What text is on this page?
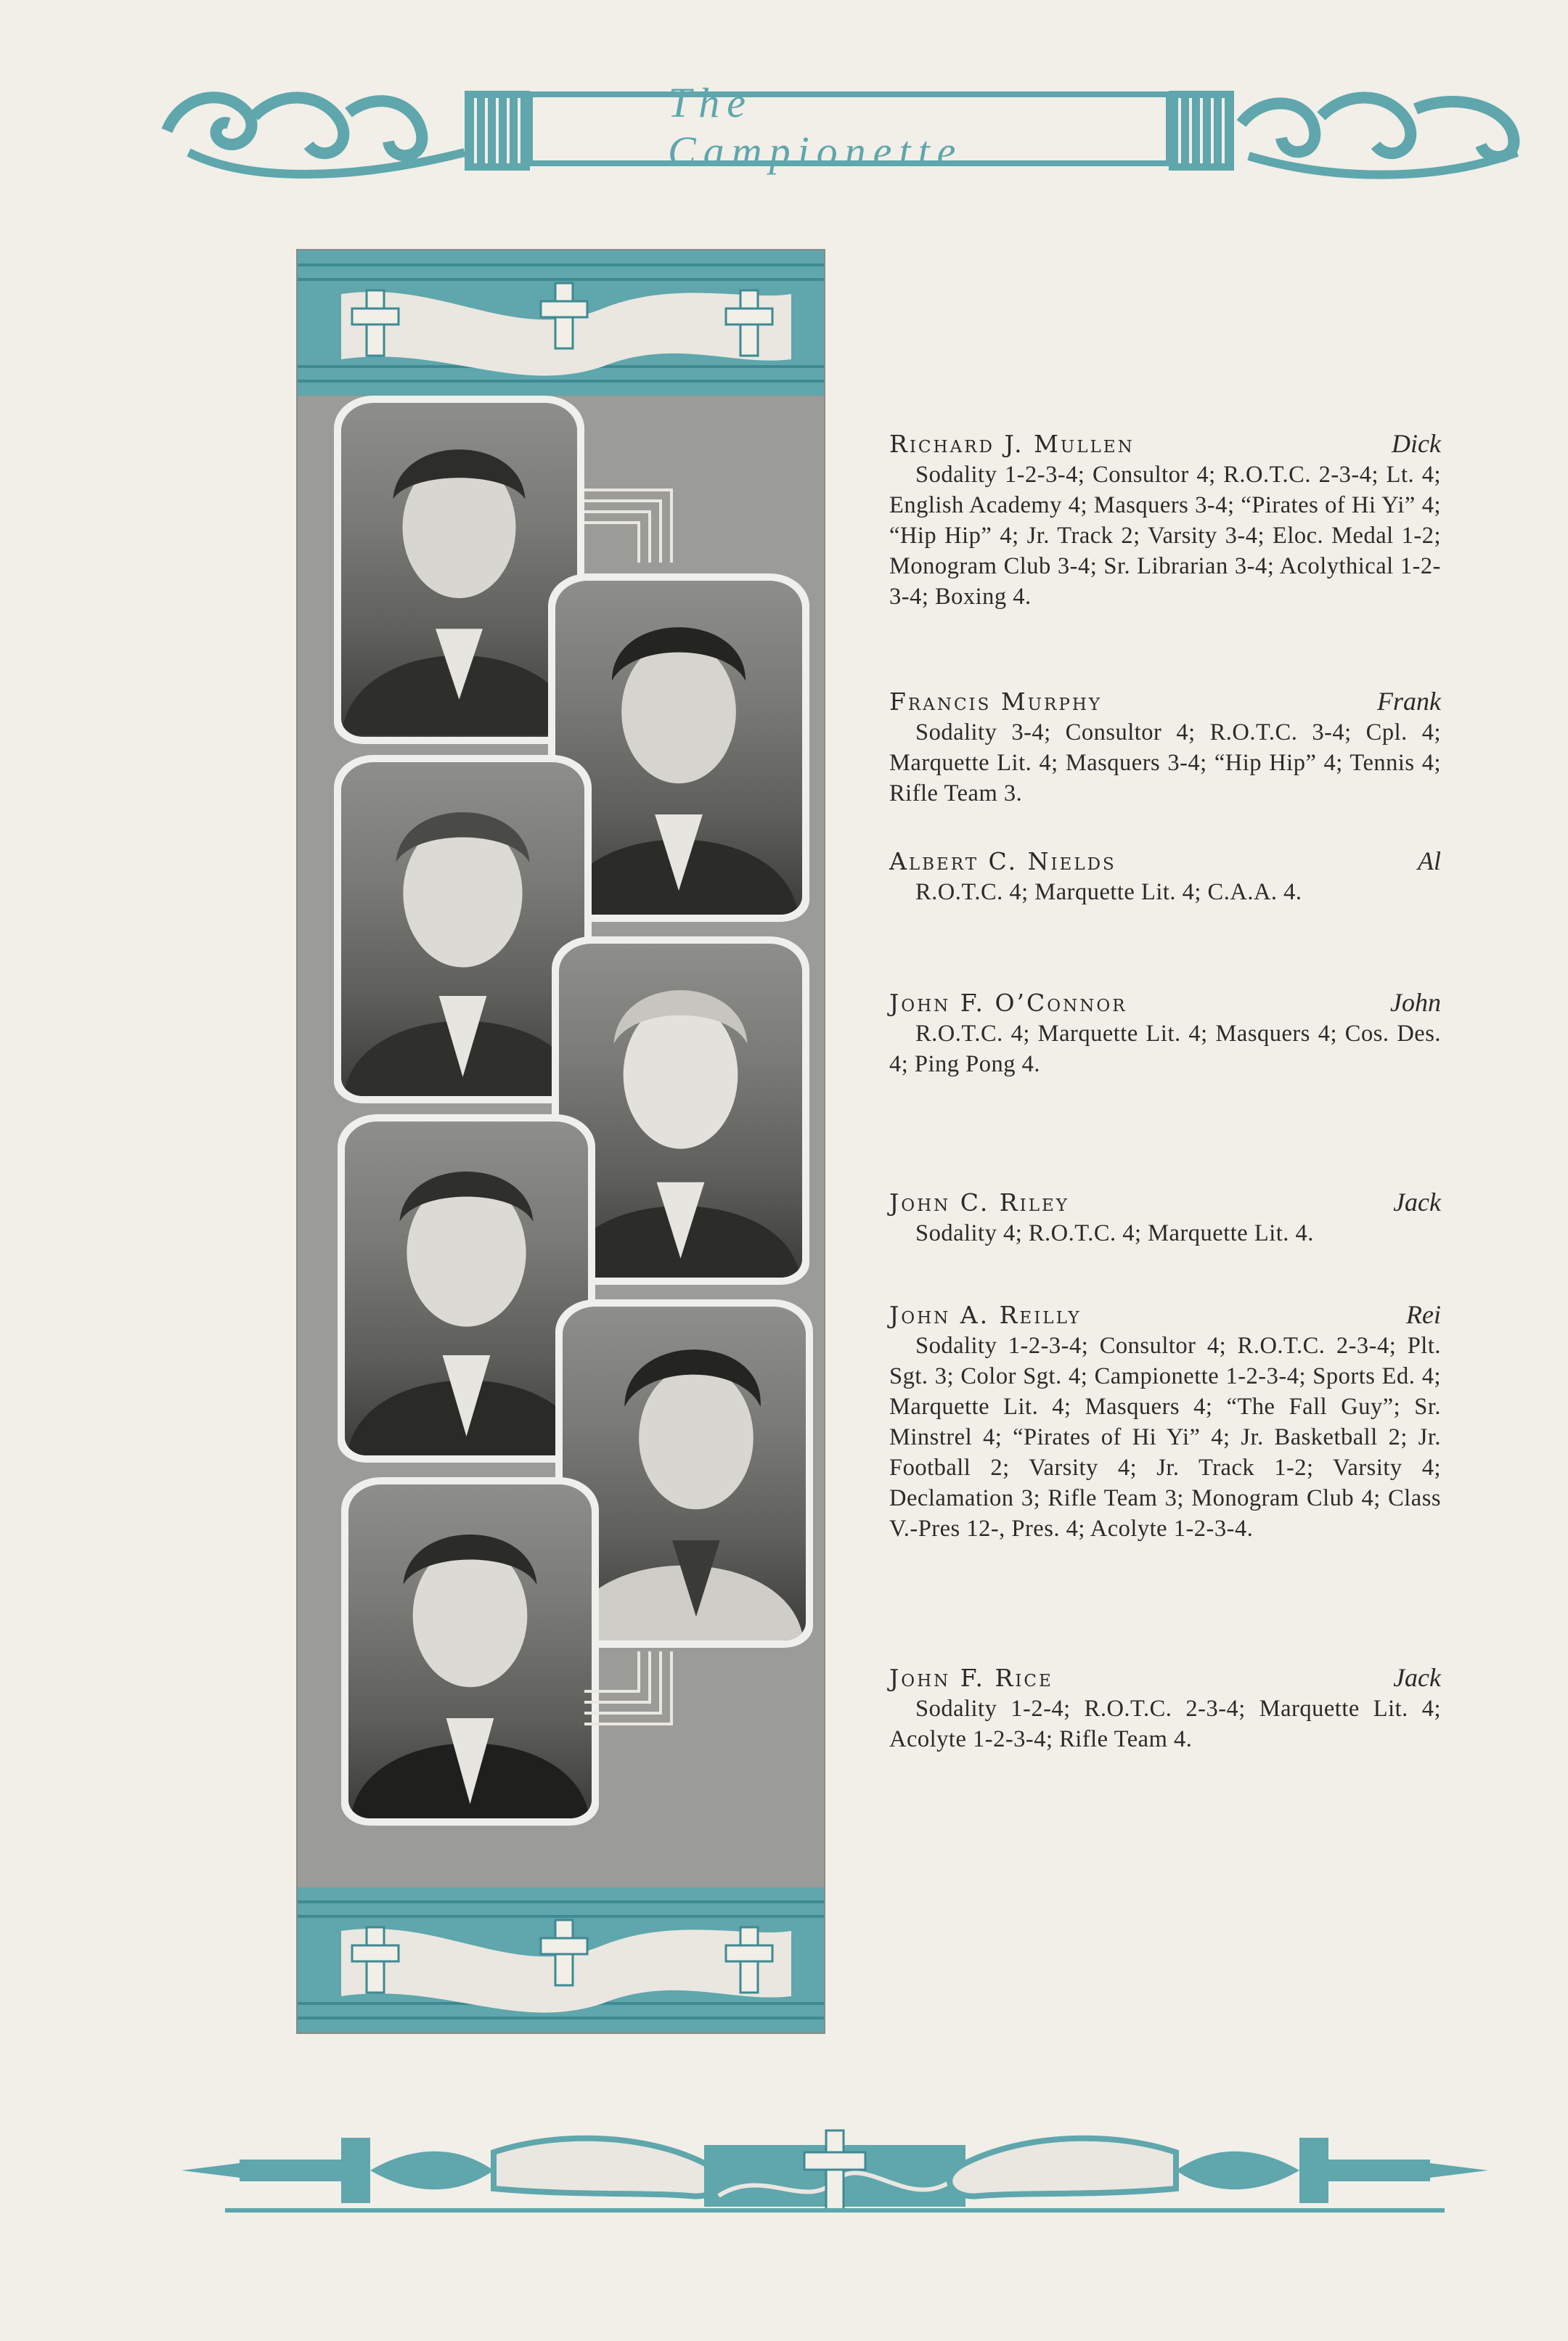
The Campionette
Richard J. Mullen	Dick
Sodality 1-2-3-4; Consultor 4; R.O.T.C. 2-3-4; Lt. 4; English Academy 4; Masquers 3-4; “Pirates of Hi Yi” 4; “Hip Hip” 4; Jr. Track 2; Varsity 3-4; Eloc. Medal 1-2; Monogram Club 3-4; Sr. Librarian 3-4; Acolythical 1-2-3-4; Boxing 4.
Francis Murphy	Frank
Sodality 3-4; Consultor 4; R.O.T.C. 3-4; Cpl. 4; Marquette Lit. 4; Masquers 3-4; “Hip Hip” 4; Tennis 4; Rifle Team 3.
Albert C. Nields	Al
R.O.T.C. 4; Marquette Lit. 4; C.A.A. 4.
John F. O’Connor	John
R.O.T.C. 4; Marquette Lit. 4; Masquers 4; Cos. Des. 4; Ping Pong 4.
John C. Riley	Jack
Sodality 4; R.O.T.C. 4; Marquette Lit. 4.
John A. Reilly	Rei
Sodality 1-2-3-4; Consultor 4; R.O.T.C. 2-3-4; Plt. Sgt. 3; Color Sgt. 4; Campionette 1-2-3-4; Sports Ed. 4; Marquette Lit. 4; Masquers 4; “The Fall Guy”; Sr. Minstrel 4; “Pirates of Hi Yi” 4; Jr. Basketball 2; Jr. Football 2; Varsity 4; Jr. Track 1-2; Varsity 4; Declamation 3; Rifle Team 3; Monogram Club 4; Class V.-Pres 12-, Pres. 4; Acolyte 1-2-3-4.
John F. Rice	Jack
Sodality 1-2-4; R.O.T.C. 2-3-4; Marquette Lit. 4; Acolyte 1-2-3-4; Rifle Team 4.
